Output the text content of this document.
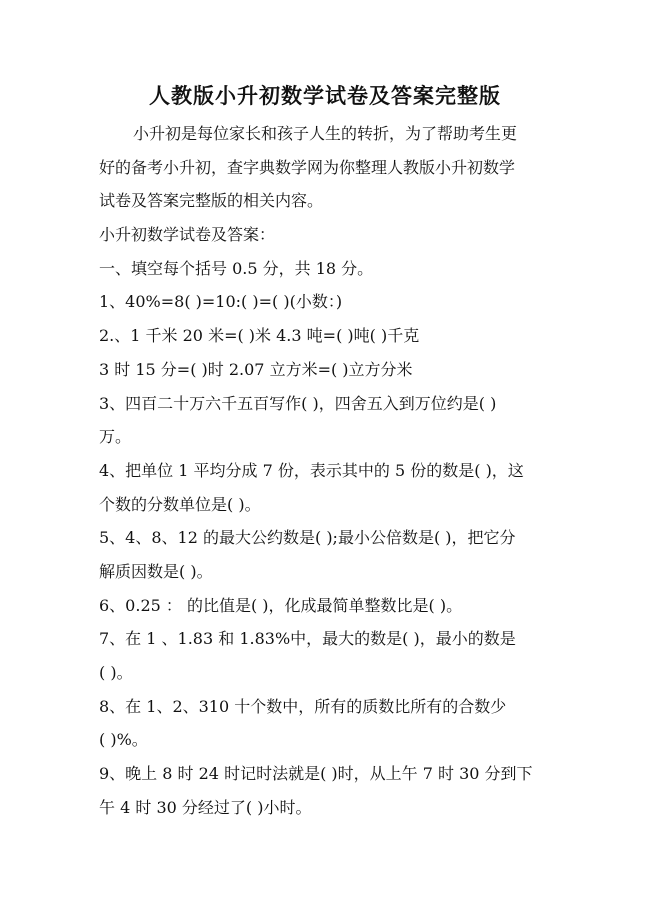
人教版小升初数学试卷及答案完整版
小升初是每位家长和孩子人生的转折，为了帮助考生更
好的备考小升初，查字典数学网为你整理人教版小升初数学
试卷及答案完整版的相关内容。
小升初数学试卷及答案：
一、填空每个括号 0.5 分，共 18 分。
1、40%=8( )=10:( )=( )(小数：)
2.、1 千米 20 米=( )米 4.3 吨=( )吨( )千克
3 时 15 分=( )时 2.07 立方米=( )立方分米
3、四百二十万六千五百写作( )，四舍五入到万位约是( )
万。
4、把单位 1 平均分成 7 份，表示其中的 5 份的数是( )，这
个数的分数单位是( )。
5、4、8、12 的最大公约数是( );最小公倍数是( )，把它分
解质因数是( )。
6、0.25 ： 的比值是( )，化成最简单整数比是( )。
7、在 1 、1.83 和 1.83%中，最大的数是( )，最小的数是
( )。
8、在 1、2、310 十个数中，所有的质数比所有的合数少
( )%。
9、晚上 8 时 24 时记时法就是( )时，从上午 7 时 30 分到下
午 4 时 30 分经过了( )小时。
